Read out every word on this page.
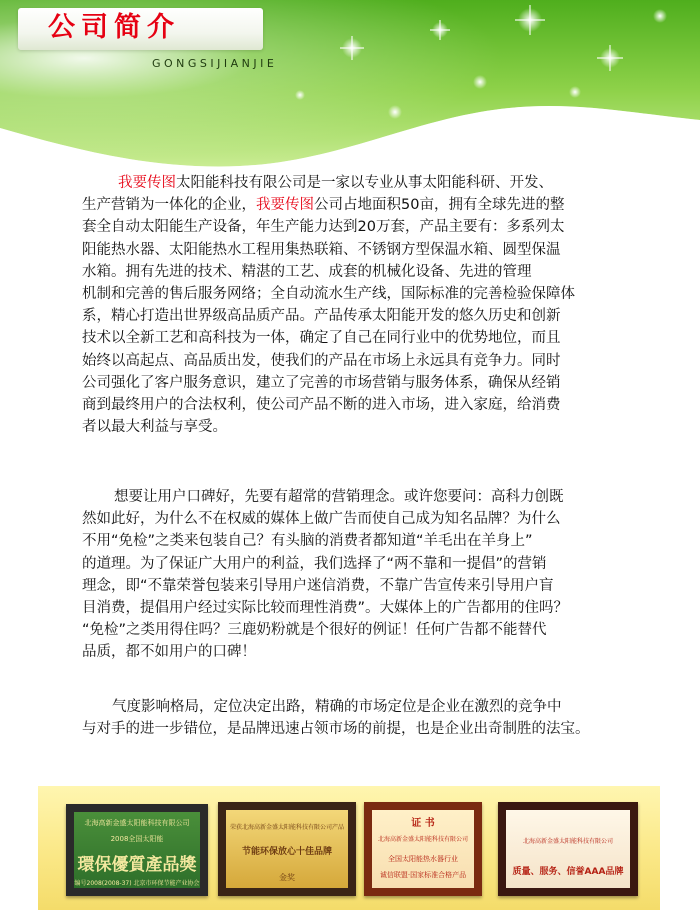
公司简介
GONGSIJIANJIE
我要传图太阳能科技有限公司是一家以专业从事太阳能科研、开发、
生产营销为一体化的企业，我要传图公司占地面积50亩，拥有全球先进的整
套全自动太阳能生产设备，年生产能力达到20万套，产品主要有：多系列太
阳能热水器、太阳能热水工程用集热联箱、不锈钢方型保温水箱、圆型保温
水箱。拥有先进的技术、精湛的工艺、成套的机械化设备、先进的管理
机制和完善的售后服务网络；全自动流水生产线，国际标准的完善检验保障体
系，精心打造出世界级高品质产品。产品传承太阳能开发的悠久历史和创新
技术以全新工艺和高科技为一体，确定了自己在同行业中的优势地位，而且
始终以高起点、高品质出发，使我们的产品在市场上永远具有竞争力。同时
公司强化了客户服务意识，建立了完善的市场营销与服务体系，确保从经销
商到最终用户的合法权利，使公司产品不断的进入市场，进入家庭，给消费
者以最大利益与享受。
想要让用户口碑好，先要有超常的营销理念。或许您要问：高科力创既
然如此好，为什么不在权威的媒体上做广告而使自己成为知名品牌？为什么
不用“免检”之类来包装自己？有头脑的消费者都知道“羊毛出在羊身上”
的道理。为了保证广大用户的利益，我们选择了“两不靠和一提倡”的营销
理念，即“不靠荣誉包装来引导用户迷信消费，不靠广告宣传来引导用户盲
目消费，提倡用户经过实际比较而理性消费”。大媒体上的广告都用的住吗？
“免检”之类用得住吗？三鹿奶粉就是个很好的例证！任何广告都不能替代
品质，都不如用户的口碑！
气度影响格局，定位决定出路，精确的市场定位是企业在激烈的竞争中
与对手的进一步错位，是品牌迅速占领市场的前提，也是企业出奇制胜的法宝。
北海高新金盛太阳能科技有限公司
2008全国太阳能
環保優質產品獎
编号2008(2008-37) 北京市环保节能产业协会
荣获北海高新金盛太阳能科技有限公司产品
节能环保放心十佳品牌
金奖
证 书
北海高新金盛太阳能科技有限公司
全国太阳能热水器行业
诚信联盟·国家标准合格产品
北海高新金盛太阳能科技有限公司
质量、服务、信誉AAA品牌
